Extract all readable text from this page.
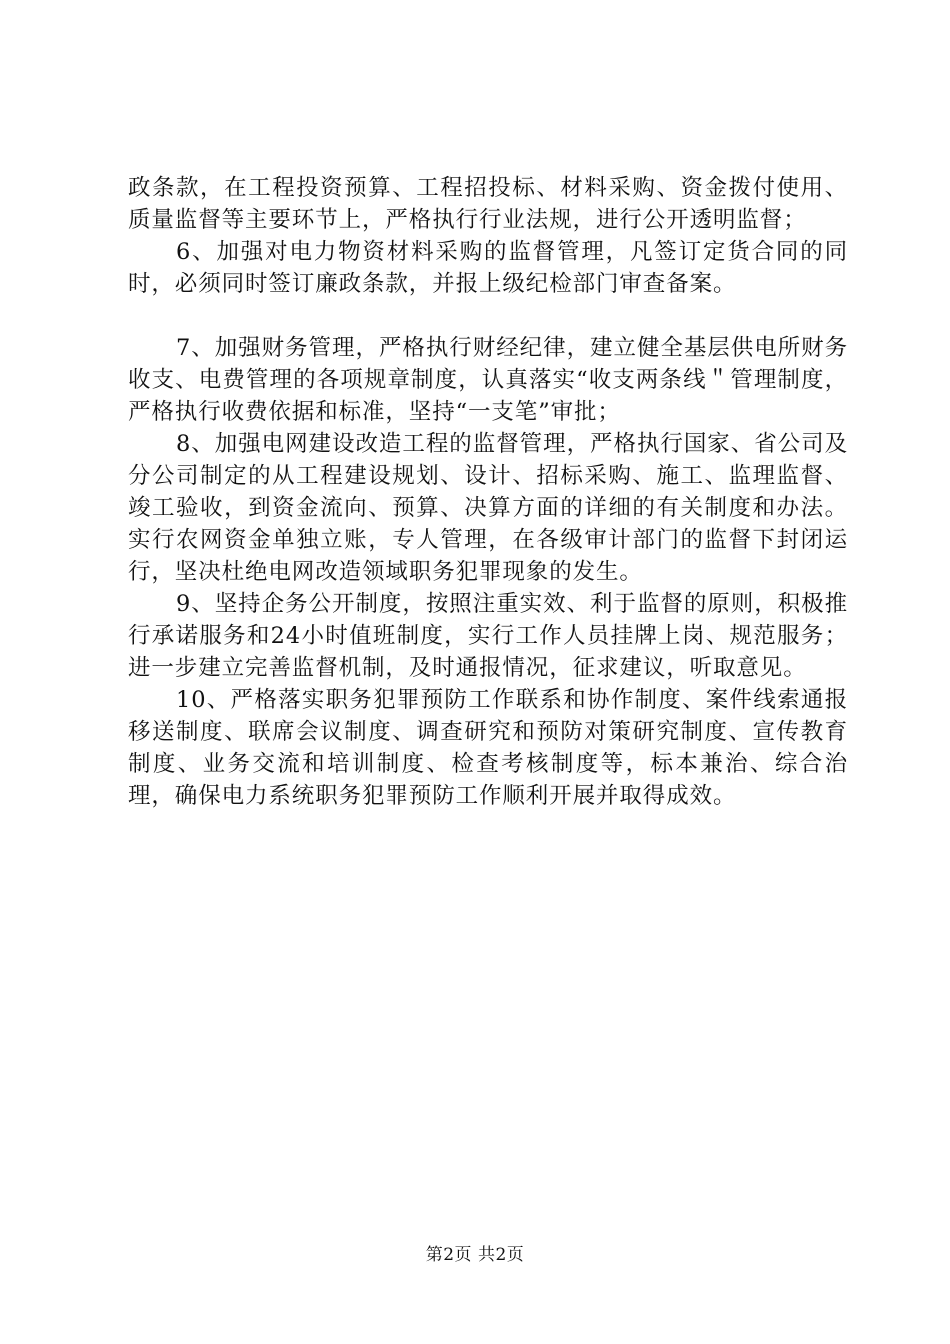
政条款，在工程投资预算、工程招投标、材料采购、资金拨付使用、质量监督等主要环节上，严格执行行业法规，进行公开透明监督；

6、加强对电力物资材料采购的监督管理，凡签订定货合同的同时，必须同时签订廉政条款，并报上级纪检部门审查备案。

7、加强财务管理，严格执行财经纪律，建立健全基层供电所财务收支、电费管理的各项规章制度，认真落实“收支两条线＂管理制度，严格执行收费依据和标准，坚持“一支笔”审批；

8、加强电网建设改造工程的监督管理，严格执行国家、省公司及分公司制定的从工程建设规划、设计、招标采购、施工、监理监督、竣工验收，到资金流向、预算、决算方面的详细的有关制度和办法。实行农网资金单独立账，专人管理，在各级审计部门的监督下封闭运行，坚决杜绝电网改造领域职务犯罪现象的发生。

9、坚持企务公开制度，按照注重实效、利于监督的原则，积极推行承诺服务和24小时值班制度，实行工作人员挂牌上岗、规范服务；进一步建立完善监督机制，及时通报情况，征求建议，听取意见。

10、严格落实职务犯罪预防工作联系和协作制度、案件线索通报移送制度、联席会议制度、调查研究和预防对策研究制度、宣传教育制度、业务交流和培训制度、检查考核制度等，标本兼治、综合治理，确保电力系统职务犯罪预防工作顺利开展并取得成效。

第2页 共2页
